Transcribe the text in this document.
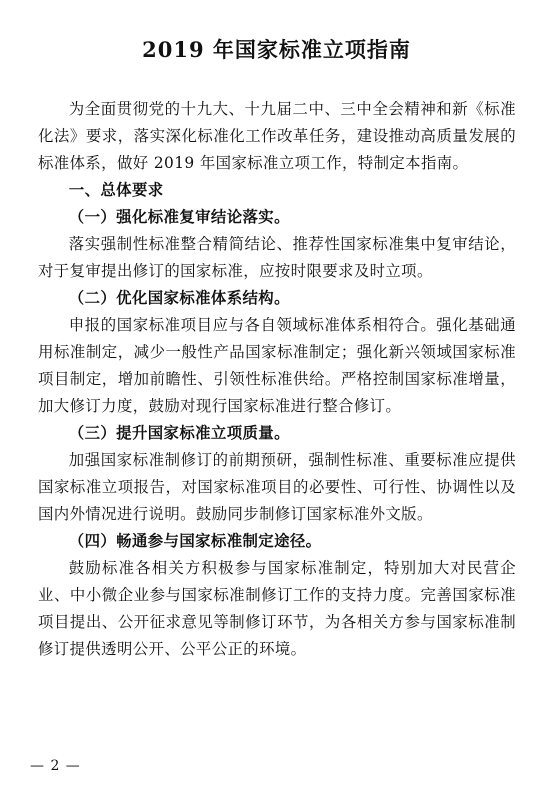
2019 年国家标准立项指南

为全面贯彻党的十九大、十九届二中、三中全会精神和新《标准化法》要求，落实深化标准化工作改革任务，建设推动高质量发展的标准体系，做好 2019 年国家标准立项工作，特制定本指南。

一、总体要求

（一）强化标准复审结论落实。

落实强制性标准整合精简结论、推荐性国家标准集中复审结论，对于复审提出修订的国家标准，应按时限要求及时立项。

（二）优化国家标准体系结构。

申报的国家标准项目应与各自领域标准体系相符合。强化基础通用标准制定，减少一般性产品国家标准制定；强化新兴领域国家标准项目制定，增加前瞻性、引领性标准供给。严格控制国家标准增量，加大修订力度，鼓励对现行国家标准进行整合修订。

（三）提升国家标准立项质量。

加强国家标准制修订的前期预研，强制性标准、重要标准应提供国家标准立项报告，对国家标准项目的必要性、可行性、协调性以及国内外情况进行说明。鼓励同步制修订国家标准外文版。

（四）畅通参与国家标准制定途径。

鼓励标准各相关方积极参与国家标准制定，特别加大对民营企业、中小微企业参与国家标准制修订工作的支持力度。完善国家标准项目提出、公开征求意见等制修订环节，为各相关方参与国家标准制修订提供透明公开、公平公正的环境。

— 2 —
